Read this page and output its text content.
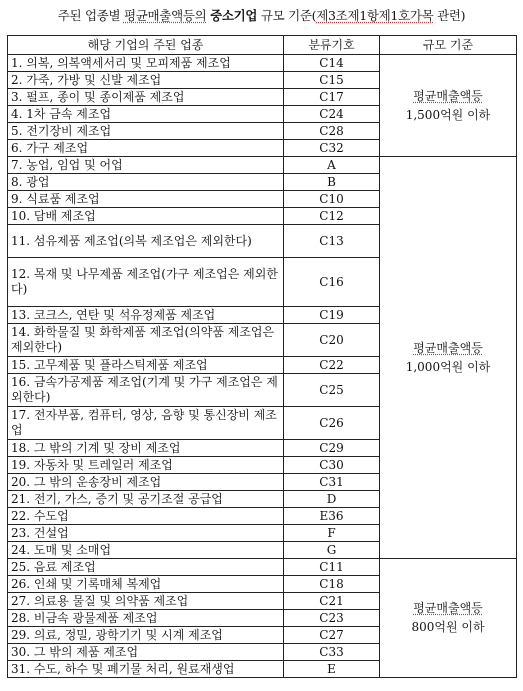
주된 업종별 평균매출액등의 중소기업 규모 기준(제3조제1항제1호가목 관련)
해당 기업의 주된 업종	분류기호	규모 기준
1. 의복, 의복액세서리 및 모피제품 제조업	C14	평균매출액등
1,500억원 이하

2. 가죽, 가방 및 신발 제조업	C15	
3. 펄프, 종이 및 종이제품 제조업	C17	
4. 1차 금속 제조업	C24	
5. 전기장비 제조업	C28	
6. 가구 제조업	C32	
7. 농업, 임업 및 어업	A	평균매출액등
1,000억원 이하

8. 광업	B	
9. 식료품 제조업	C10	
10. 담배 제조업	C12	
11. 섬유제품 제조업(의복 제조업은 제외한다)	C13	
12. 목재 및 나무제품 제조업(가구 제조업은 제외한다)	C16	
13. 코크스, 연탄 및 석유정제품 제조업	C19	
14. 화학물질 및 화학제품 제조업(의약품 제조업은 제외한다)	C20	
15. 고무제품 및 플라스틱제품 제조업	C22	
16. 금속가공제품 제조업(기계 및 가구 제조업은 제외한다)	C25	
17. 전자부품, 컴퓨터, 영상, 음향 및 통신장비 제조업	C26	
18. 그 밖의 기계 및 장비 제조업	C29	
19. 자동차 및 트레일러 제조업	C30	
20. 그 밖의 운송장비 제조업	C31	
21. 전기, 가스, 증기 및 공기조절 공급업	D	
22. 수도업	E36	
23. 건설업	F	
24. 도매 및 소매업	G	
25. 음료 제조업	C11	평균매출액등
800억원 이하

26. 인쇄 및 기록매체 복제업	C18	
27. 의료용 물질 및 의약품 제조업	C21	
28. 비금속 광물제품 제조업	C23	
29. 의료, 정밀, 광학기기 및 시계 제조업	C27	
30. 그 밖의 제품 제조업	C33	
31. 수도, 하수 및 폐기물 처리, 원료재생업	E	
